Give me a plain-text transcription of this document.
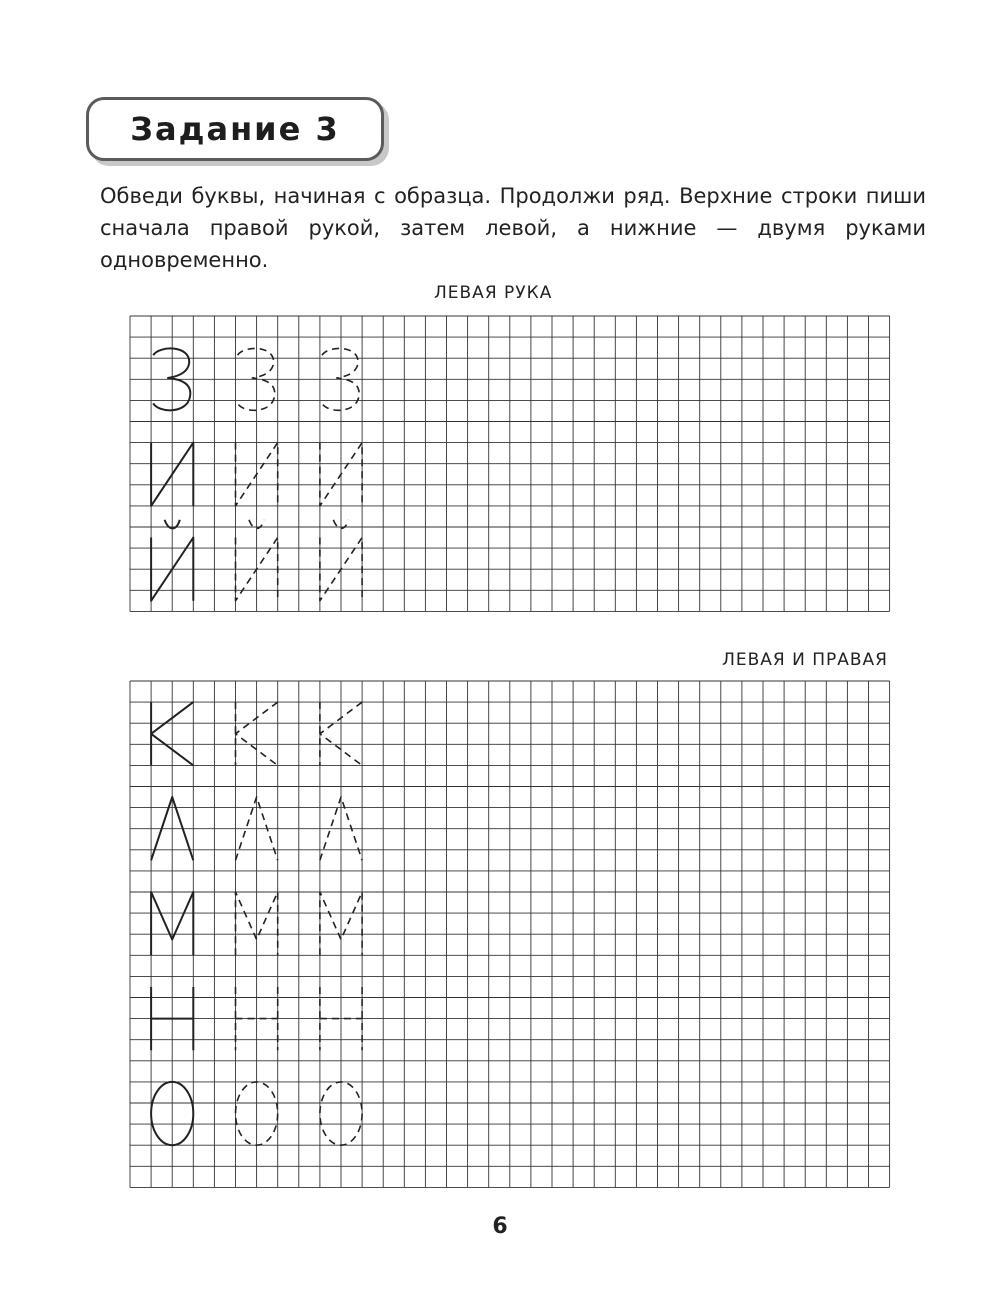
Задание 3
Обведи буквы, начиная с образца. Продолжи ряд. Верхние строки пиши сначала правой рукой, затем левой, а нижние — двумя руками одновременно.
ЛЕВАЯ РУКА
ЛЕВАЯ И ПРАВАЯ
6
